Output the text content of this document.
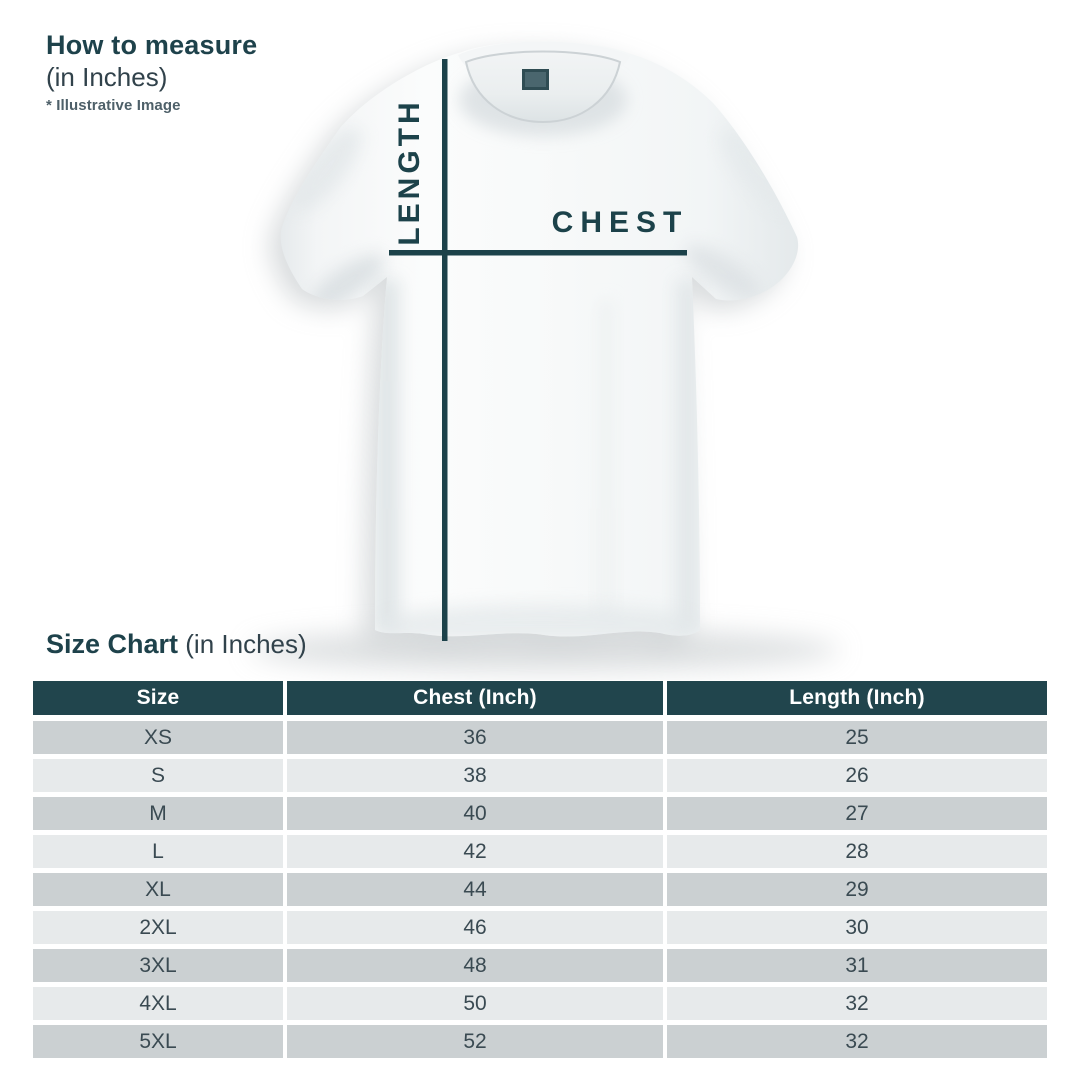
How to measure
(in Inches)
* Illustrative Image	LENGTH	CHEST
Size Chart (in Inches)
Size	Chest (Inch)	Length (Inch)
XS	36	25
S	38	26
M	40	27
L	42	28
XL	44	29
2XL	46	30
3XL	48	31
4XL	50	32
5XL	52	32
